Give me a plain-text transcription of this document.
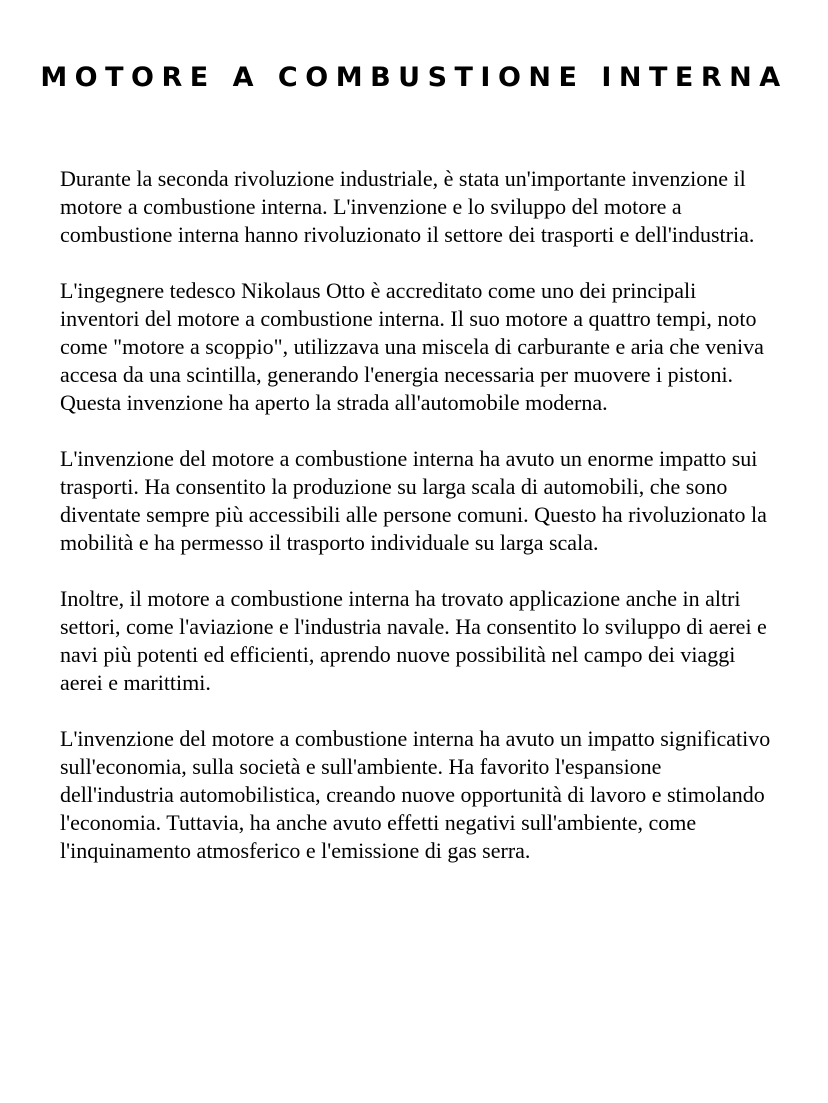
MOTORE A COMBUSTIONE INTERNA

Durante la seconda rivoluzione industriale, è stata un'importante invenzione il motore a combustione interna. L'invenzione e lo sviluppo del motore a combustione interna hanno rivoluzionato il settore dei trasporti e dell'industria.

L'ingegnere tedesco Nikolaus Otto è accreditato come uno dei principali inventori del motore a combustione interna. Il suo motore a quattro tempi, noto come "motore a scoppio", utilizzava una miscela di carburante e aria che veniva accesa da una scintilla, generando l'energia necessaria per muovere i pistoni. Questa invenzione ha aperto la strada all'automobile moderna.

L'invenzione del motore a combustione interna ha avuto un enorme impatto sui trasporti. Ha consentito la produzione su larga scala di automobili, che sono diventate sempre più accessibili alle persone comuni. Questo ha rivoluzionato la mobilità e ha permesso il trasporto individuale su larga scala.

Inoltre, il motore a combustione interna ha trovato applicazione anche in altri settori, come l'aviazione e l'industria navale. Ha consentito lo sviluppo di aerei e navi più potenti ed efficienti, aprendo nuove possibilità nel campo dei viaggi aerei e marittimi.

L'invenzione del motore a combustione interna ha avuto un impatto significativo sull'economia, sulla società e sull'ambiente. Ha favorito l'espansione dell'industria automobilistica, creando nuove opportunità di lavoro e stimolando l'economia. Tuttavia, ha anche avuto effetti negativi sull'ambiente, come l'inquinamento atmosferico e l'emissione di gas serra.
